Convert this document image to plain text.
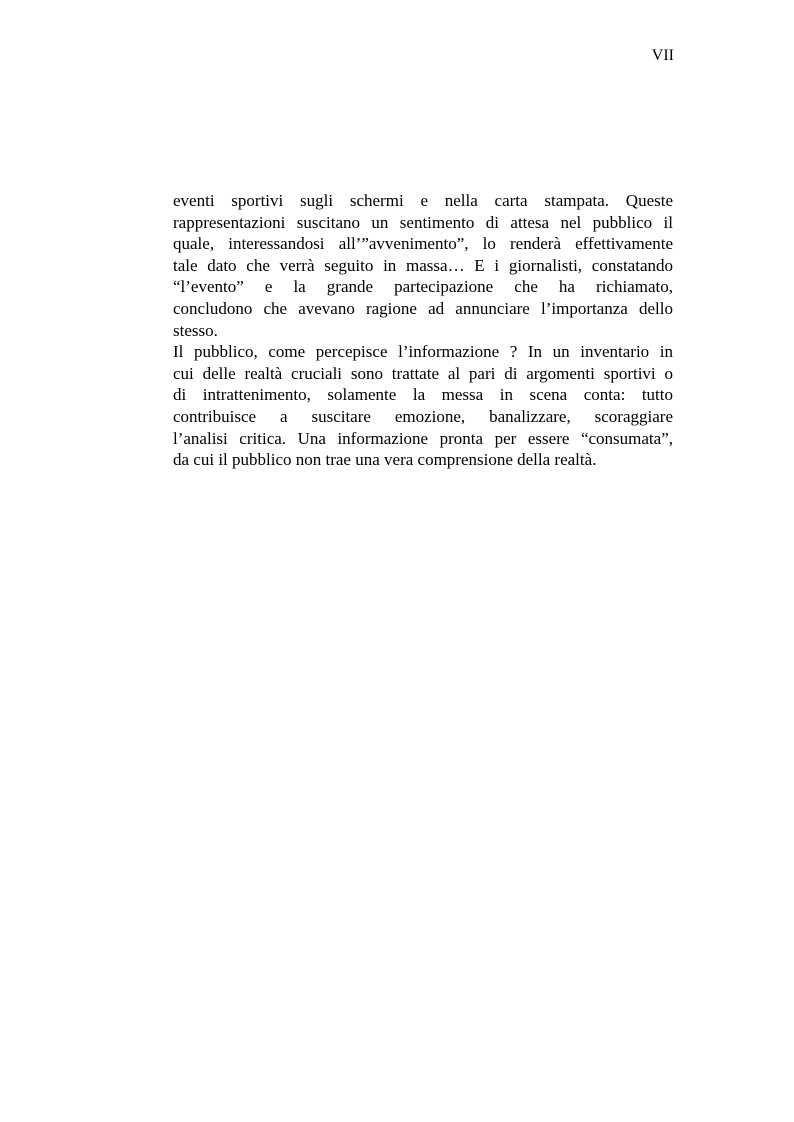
VII
eventi sportivi sugli schermi e nella carta stampata. Queste
rappresentazioni suscitano un sentimento di attesa nel pubblico il
quale, interessandosi all’”avvenimento”, lo renderà effettivamente
tale dato che verrà seguito in massa… E i giornalisti, constatando
“l’evento” e la grande partecipazione che ha richiamato,
concludono che avevano ragione ad annunciare l’importanza dello
stesso.
Il pubblico, come percepisce l’informazione ? In un inventario in
cui delle realtà cruciali sono trattate al pari di argomenti sportivi o
di intrattenimento, solamente la messa in scena conta: tutto
contribuisce a suscitare emozione, banalizzare, scoraggiare
l’analisi critica. Una informazione pronta per essere “consumata”,
da cui il pubblico non trae una vera comprensione della realtà.
